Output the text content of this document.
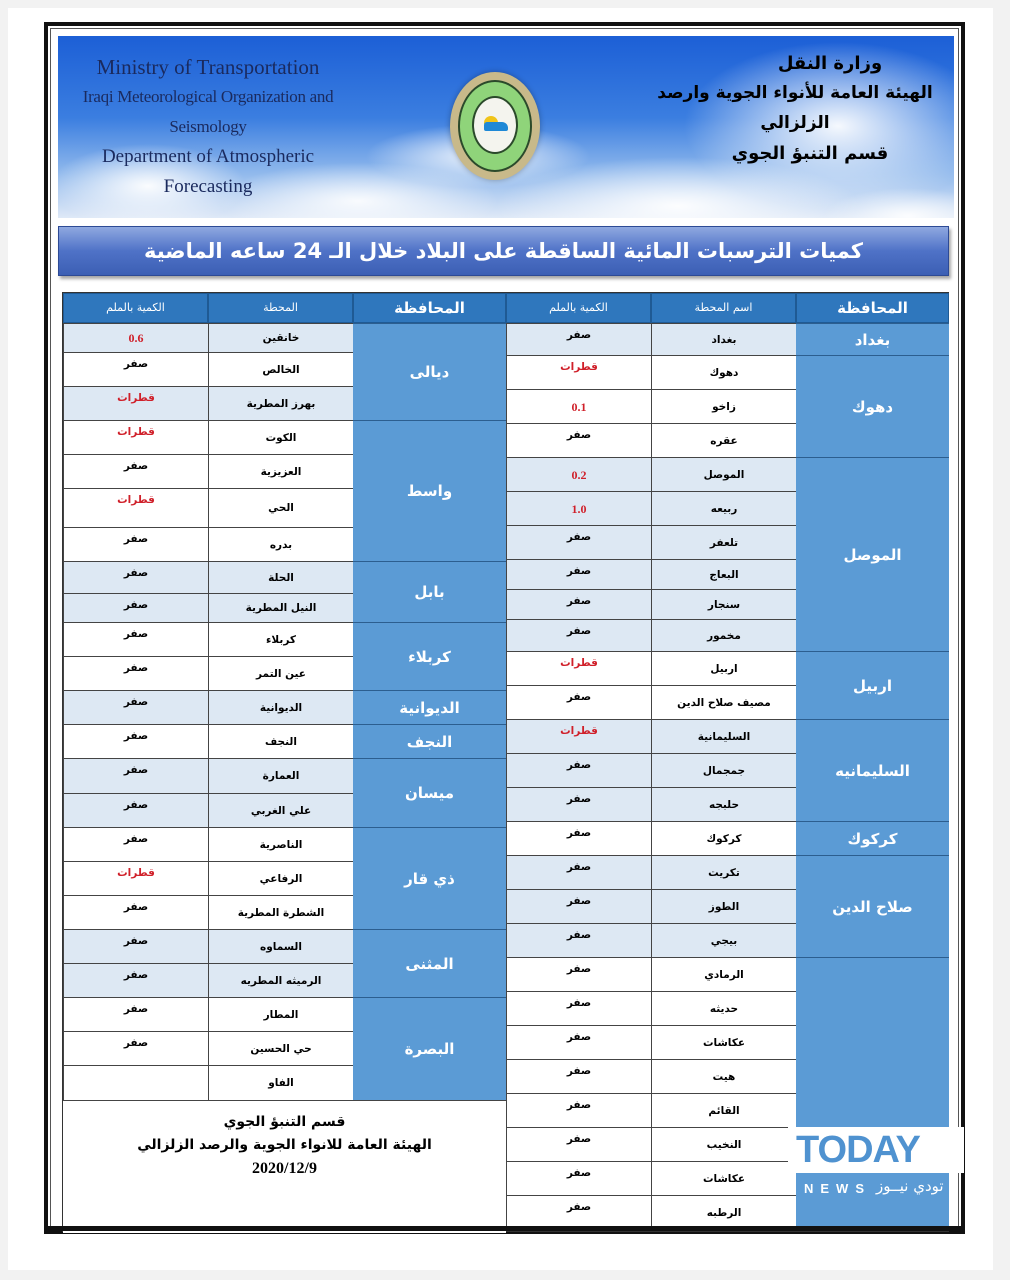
Ministry of Transportation
Iraqi Meteorological Organization and Seismology
Department of Atmospheric Forecasting
وزارة النقل
الهيئة العامة للأنواء الجوية وارصد الزلزالي
قسم التنبؤ الجوي
كميات الترسبات المائية الساقطة على البلاد خلال الـ 24 ساعه الماضية
المحافظة
اسم المحطة
الكمية بالملم
بغداد
صفر
دهوك
قطرات
زاخو
0.1
عقره
صفر
الموصل
0.2
ربيعه
1.0
تلعفر
صفر
البعاج
صفر
سنجار
صفر
مخمور
صفر
اربيل
قطرات
مصيف صلاح الدين
صفر
السليمانية
قطرات
جمجمال
صفر
حلبجه
صفر
كركوك
صفر
تكريت
صفر
الطوز
صفر
بيجي
صفر
الرمادي
صفر
حديثه
صفر
عكاشات
صفر
هيت
صفر
القائم
صفر
النخيب
صفر
عكاشات
صفر
الرطبه
صفر
بغداد
دهوك
الموصل
اربيل
السليمانيه
كركوك
صلاح الدين
المحافظة
المحطة
الكمية بالملم
قسم التنبؤ الجوي
الهيئة العامة للانواء الجوية والرصد الزلزالي
2020/12/9
خانقين
0.6
الخالص
صفر
بهرز المطرية
قطرات
الكوت
قطرات
العزيزية
صفر
الحي
قطرات
بدره
صفر
الحلة
صفر
النيل المطرية
صفر
كربلاء
صفر
عين التمر
صفر
الديوانية
صفر
النجف
صفر
العمارة
صفر
علي الغربي
صفر
الناصرية
صفر
الرفاعي
قطرات
الشطرة المطرية
صفر
السماوه
صفر
الرميثه المطريه
صفر
المطار
صفر
حي الحسين
صفر
الفاو
ديالى
واسط
بابل
كربلاء
الديوانية
النجف
ميسان
ذي قار
المثنى
البصرة
TODAY
NEWS تودي نيــوز
